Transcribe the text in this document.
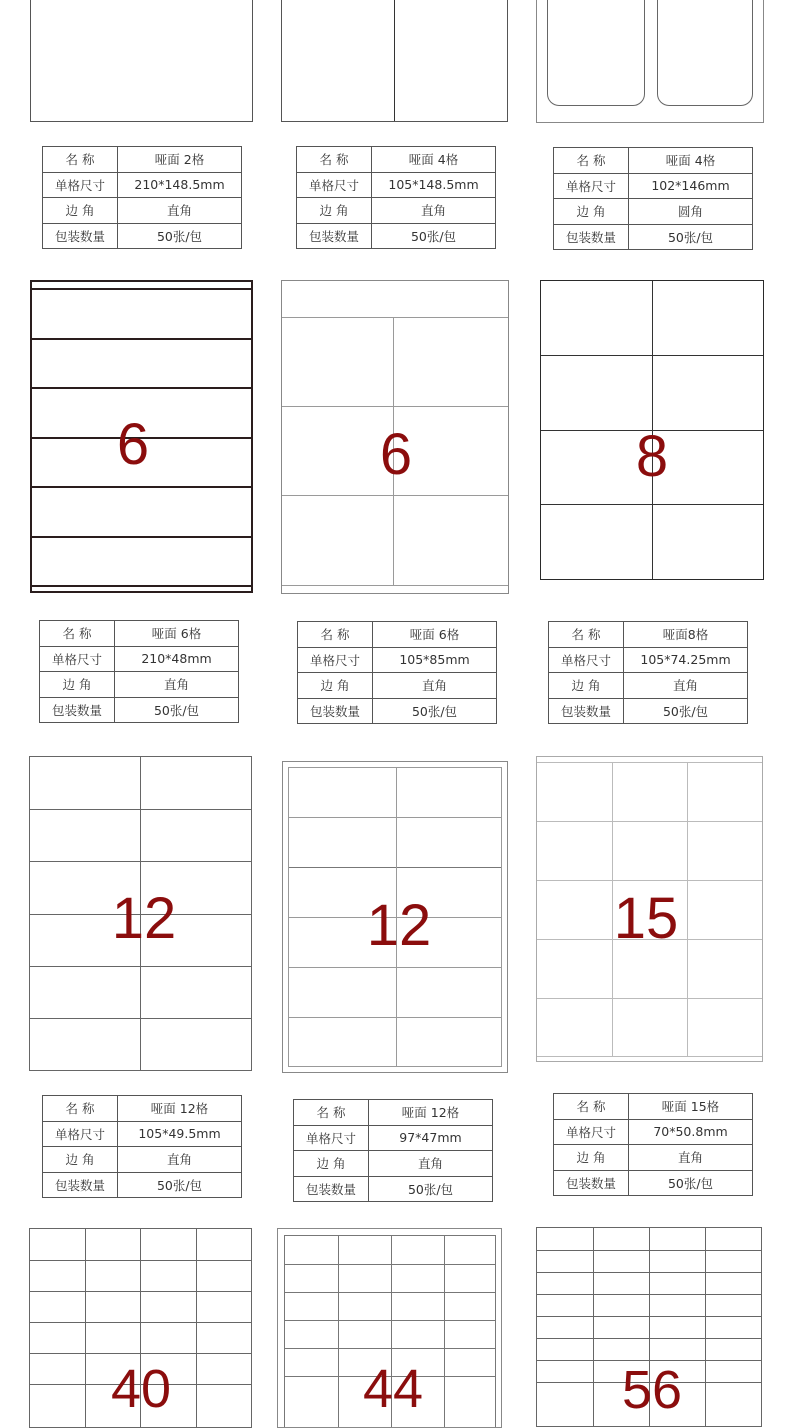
名 称	哑面 2格
单格尺寸	210*148.5mm
边 角	直角
包装数量	50张/包
名 称	哑面 4格
单格尺寸	105*148.5mm
边 角	直角
包装数量	50张/包
名 称	哑面 4格
单格尺寸	102*146mm
边 角	圆角
包装数量	50张/包
6	6	8
名 称	哑面 6格
单格尺寸	210*48mm
边 角	直角
包装数量	50张/包
名 称	哑面 6格
单格尺寸	105*85mm
边 角	直角
包装数量	50张/包
名 称	哑面8格
单格尺寸	105*74.25mm
边 角	直角
包装数量	50张/包
12	12	15
名 称	哑面 12格
单格尺寸	105*49.5mm
边 角	直角
包装数量	50张/包
名 称	哑面 12格
单格尺寸	97*47mm
边 角	直角
包装数量	50张/包
名 称	哑面 15格
单格尺寸	70*50.8mm
边 角	直角
包装数量	50张/包
40	44	56
